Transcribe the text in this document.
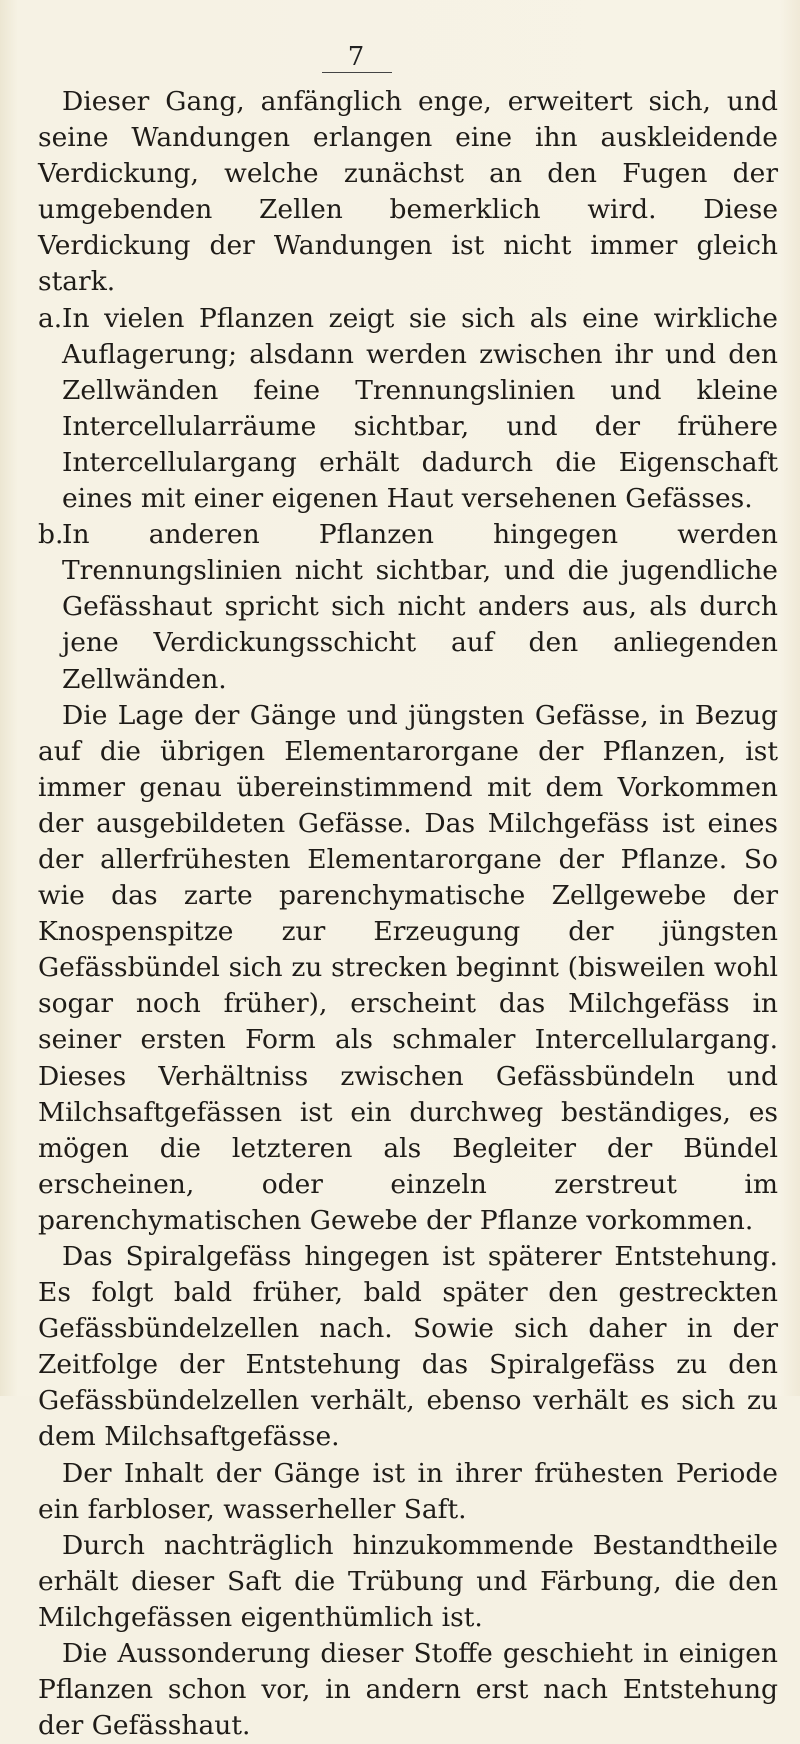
7

Dieser Gang, anfänglich enge, erweitert sich, und seine Wandungen erlangen eine ihn auskleidende Verdickung, welche zunächst an den Fugen der umgebenden Zellen bemerklich wird. Diese Verdickung der Wandungen ist nicht immer gleich stark.

a.In vielen Pflanzen zeigt sie sich als eine wirkliche Auflagerung; alsdann werden zwischen ihr und den Zellwänden feine Trennungslinien und kleine Intercellularräume sichtbar, und der frühere Intercellulargang erhält dadurch die Eigenschaft eines mit einer eigenen Haut versehenen Gefässes.

b.In anderen Pflanzen hingegen werden Trennungslinien nicht sichtbar, und die jugendliche Gefässhaut spricht sich nicht anders aus, als durch jene Verdickungsschicht auf den anliegenden Zellwänden.

Die Lage der Gänge und jüngsten Gefässe, in Bezug auf die übrigen Elementarorgane der Pflanzen, ist immer genau übereinstimmend mit dem Vorkommen der ausgebildeten Gefässe. Das Milchgefäss ist eines der allerfrühesten Elementarorgane der Pflanze. So wie das zarte parenchymatische Zellgewebe der Knospenspitze zur Erzeugung der jüngsten Gefässbündel sich zu strecken beginnt (bisweilen wohl sogar noch früher), erscheint das Milchgefäss in seiner ersten Form als schmaler Intercellulargang. Dieses Verhältniss zwischen Gefässbündeln und Milchsaftgefässen ist ein durchweg beständiges, es mögen die letzteren als Begleiter der Bündel erscheinen, oder einzeln zerstreut im parenchymatischen Gewebe der Pflanze vorkommen.

Das Spiralgefäss hingegen ist späterer Entstehung. Es folgt bald früher, bald später den gestreckten Gefässbündelzellen nach. Sowie sich daher in der Zeitfolge der Entstehung das Spiralgefäss zu den Gefässbündelzellen verhält, ebenso verhält es sich zu dem Milchsaftgefässe.

Der Inhalt der Gänge ist in ihrer frühesten Periode ein farbloser, wasserheller Saft.

Durch nachträglich hinzukommende Bestandtheile erhält dieser Saft die Trübung und Färbung, die den Milchgefässen eigenthümlich ist.

Die Aussonderung dieser Stoffe geschieht in einigen Pflanzen schon vor, in andern erst nach Entstehung der Gefässhaut.
